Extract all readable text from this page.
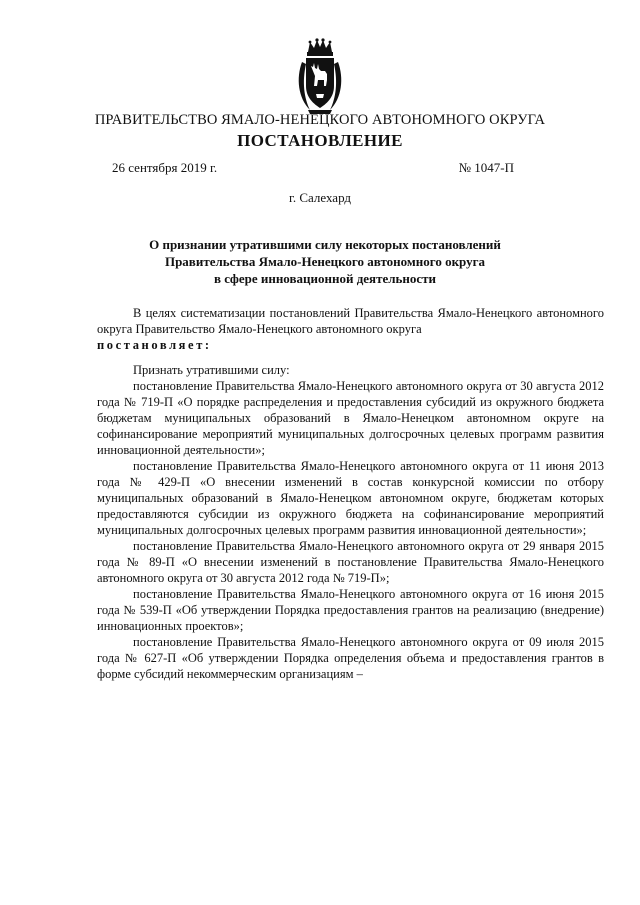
ПРАВИТЕЛЬСТВО ЯМАЛО-НЕНЕЦКОГО АВТОНОМНОГО ОКРУГА
ПОСТАНОВЛЕНИЕ
26 сентября 2019 г.	№ 1047-П
г. Салехард
О признании утратившими силу некоторых постановлений
Правительства Ямало-Ненецкого автономного округа
в сфере инновационной деятельности

В целях систематизации постановлений Правительства Ямало-Ненецкого автономного округа Правительство Ямало-Ненецкого автономного округа

постановляет:

Признать утратившими силу:

постановление Правительства Ямало-Ненецкого автономного округа от 30 августа 2012 года № 719-П «О порядке распределения и предоставления субсидий из окружного бюджета бюджетам муниципальных образований в Ямало-Ненецком автономном округе на софинансирование мероприятий муниципальных долгосрочных целевых программ развития инновационной деятельности»;

постановление Правительства Ямало-Ненецкого автономного округа от 11 июня 2013 года № 429-П «О внесении изменений в состав конкурсной комиссии по отбору муниципальных образований в Ямало-Ненецком автономном округе, бюджетам которых предоставляются субсидии из окружного бюджета на софинансирование мероприятий муниципальных долгосрочных целевых программ развития инновационной деятельности»;

постановление Правительства Ямало-Ненецкого автономного округа от 29 января 2015 года № 89-П «О внесении изменений в постановление Правительства Ямало-Ненецкого автономного округа от 30 августа 2012 года № 719-П»;

постановление Правительства Ямало-Ненецкого автономного округа от 16 июня 2015 года № 539-П «Об утверждении Порядка предоставления грантов на реализацию (внедрение) инновационных проектов»;

постановление Правительства Ямало-Ненецкого автономного округа от 09 июля 2015 года № 627-П «Об утверждении Порядка определения объема и предоставления грантов в форме субсидий некоммерческим организациям –
